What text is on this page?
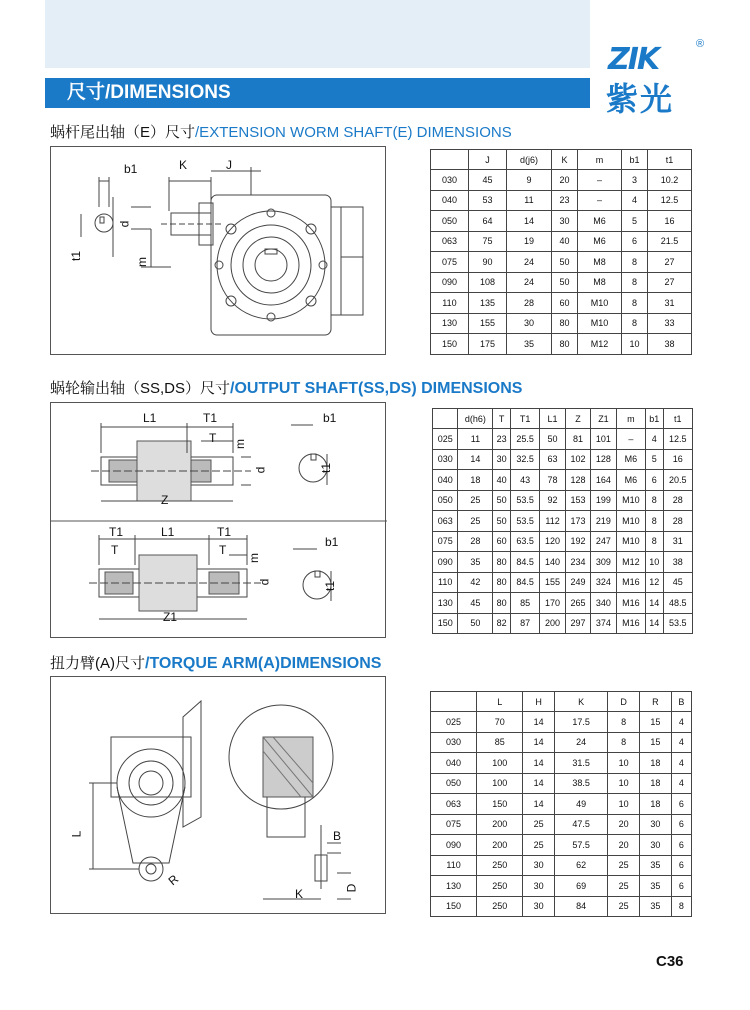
尺寸/DIMENSIONS
ZIK	®
紫光
蜗杆尾出轴（E）尺寸/EXTENSION WORM SHAFT(E) DIMENSIONS
b1	K	J
t1
d
m
	J	d(j6)	K	m	b1	t1
030	45	9	20	–	3	10.2
040	53	11	23	–	4	12.5
050	64	14	30	M6	5	16
063	75	19	40	M6	6	21.5
075	90	24	50	M8	8	27
090	108	24	50	M8	8	27
110	135	28	60	M10	8	31
130	155	30	80	M10	8	33
150	175	35	80	M12	10	38
蜗轮输出轴（SS,DS）尺寸/OUTPUT SHAFT(SS,DS) DIMENSIONS
L1	T1
T m
d
b1
t1
Z
T1	L1	T1
T	T
m
d
b1
t1
Z1
	d(h6)	T	T1	L1	Z	Z1	m	b1	t1
025	11	23	25.5	50	81	101	–	4	12.5
030	14	30	32.5	63	102	128	M6	5	16
040	18	40	43	78	128	164	M6	6	20.5
050	25	50	53.5	92	153	199	M10	8	28
063	25	50	53.5	112	173	219	M10	8	28
075	28	60	63.5	120	192	247	M10	8	31
090	35	80	84.5	140	234	309	M12	10	38
110	42	80	84.5	155	249	324	M16	12	45
130	45	80	85	170	265	340	M16	14	48.5
150	50	82	87	200	297	374	M16	14	53.5
扭力臂(A)尺寸/TORQUE ARM(A)DIMENSIONS
L
R
B
K	D
	L	H	K	D	R	B
025	70	14	17.5	8	15	4
030	85	14	24	8	15	4
040	100	14	31.5	10	18	4
050	100	14	38.5	10	18	4
063	150	14	49	10	18	6
075	200	25	47.5	20	30	6
090	200	25	57.5	20	30	6
110	250	30	62	25	35	6
130	250	30	69	25	35	6
150	250	30	84	25	35	8
C36
